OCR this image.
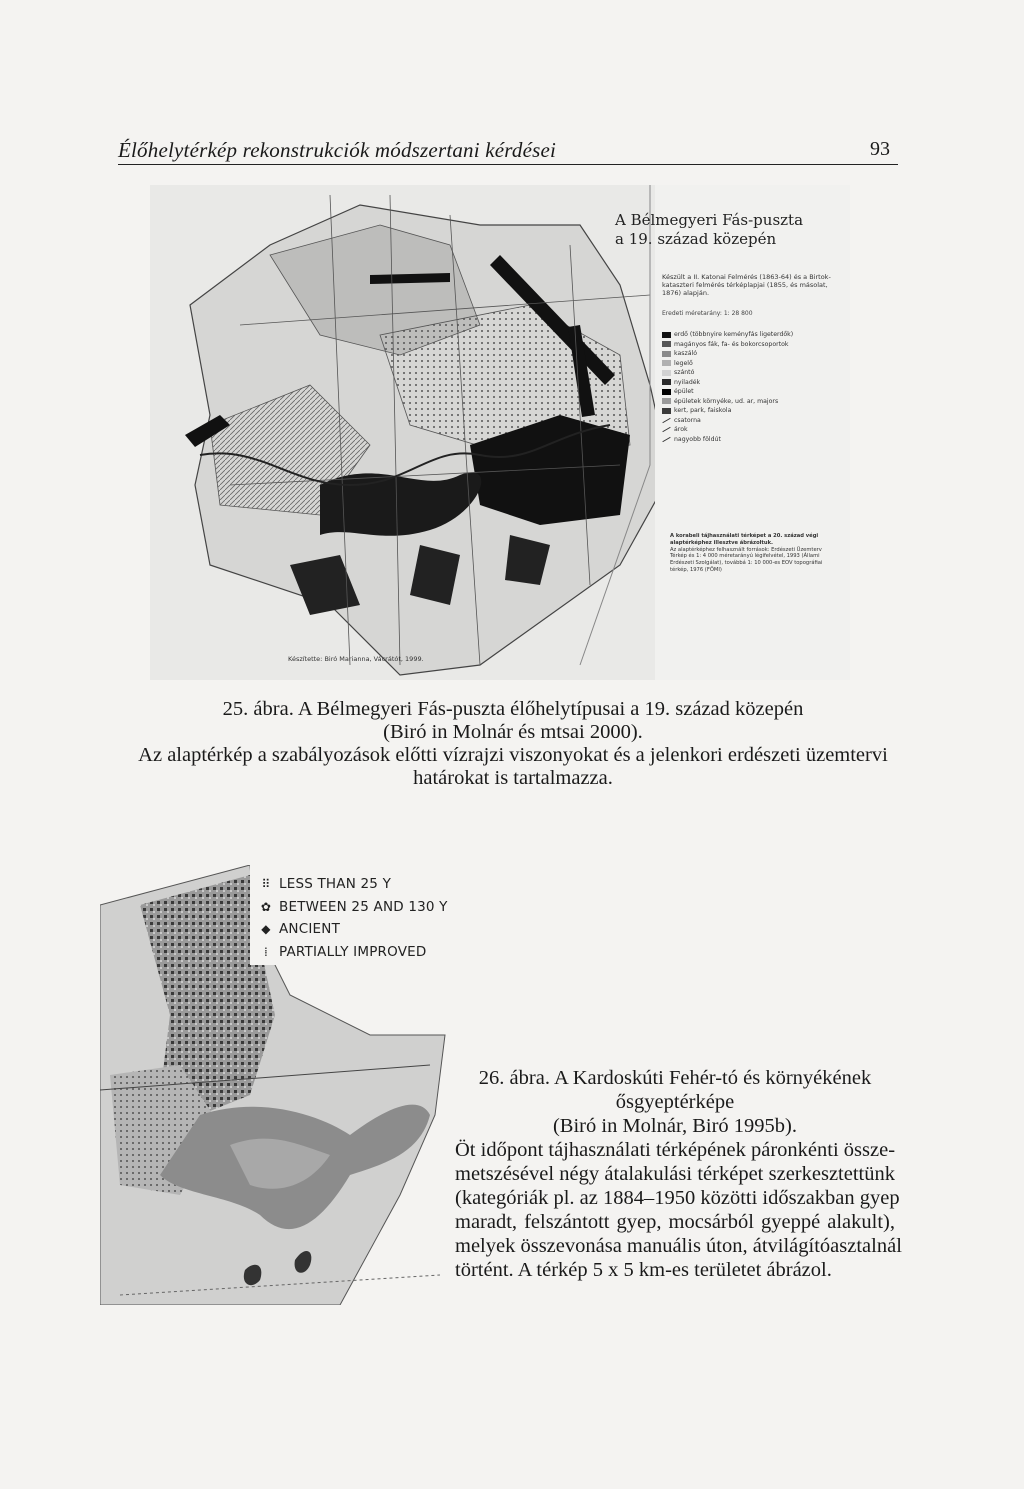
Élőhelytérkép rekonstrukciók módszertani kérdései	93
A Bélmegyeri Fás-puszta
a 19. század közepén
Készült a II. Katonai Felmérés (1863-64) és a Birtok-kataszteri felmérés térképlapjai (1855, és másolat, 1876) alapján.
Eredeti méretarány: 1: 28 800
erdő (többnyire keményfás ligeterdők)
magányos fák, fa- és bokorcsoportok
kaszáló
legelő
szántó
nyiladék
épület
épületek környéke, ud. ar, majors
kert, park, faiskola
csatorna
árok
nagyobb földút
A korabeli tájhasználati térképet a 20. század végi alaptérképhez illesztve ábrázoltuk.
Az alaptérképhez felhasznált források: Erdészeti Üzemterv Térkép és 1: 4 000 méretarányú légifelvétel, 1993 (Állami Erdészeti Szolgálat), továbbá 1: 10 000-es EOV topográfiai térkép, 1976 (FÖMI)
Készítette: Biró Marianna, Vácrátót, 1999.
25. ábra. A Bélmegyeri Fás-puszta élőhelytípusai a 19. század közepén
(Biró in Molnár és mtsai 2000).
Az alaptérkép a szabályozások előtti vízrajzi viszonyokat és a jelenkori erdészeti üzemtervi
határokat is tartalmazza.
⠿ LESS THAN 25 Y
✿ BETWEEN 25 AND 130 Y
◆ ANCIENT
⁞ PARTIALLY IMPROVED
26. ábra. A Kardoskúti Fehér-tó és környékének
ősgyeptérképe
(Biró in Molnár, Biró 1995b).
Öt időpont tájhasználati térképének páronkénti össze-
metszésével négy átalakulási térképet szerkesztettünk
(kategóriák pl. az 1884–1950 közötti időszakban gyep
maradt, felszántott gyep, mocsárból gyeppé alakult),
melyek összevonása manuális úton, átvilágítóasztalnál
történt. A térkép 5 x 5 km-es területet ábrázol.
